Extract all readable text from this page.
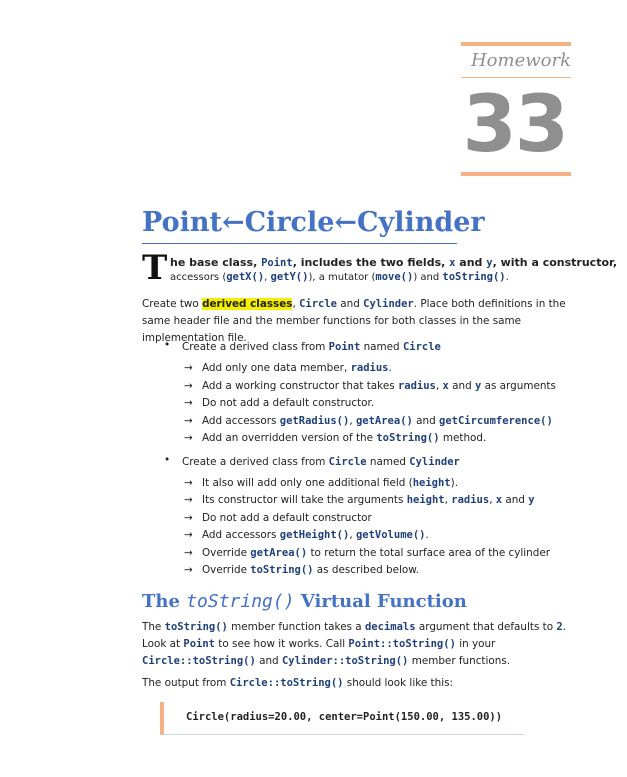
Homework
33
Point←Circle←Cylinder
T he base class, Point, includes the two fields, x and y, with a constructor,
accessors (getX(), getY()), a mutator (move()) and toString().
Create two derived classes, Circle and Cylinder. Place both definitions in the same header file and the member functions for both classes in the same implementation file.
• Create a derived class from Point named Circle
→ Add only one data member, radius.
→ Add a working constructor that takes radius, x and y as arguments
→ Do not add a default constructor.
→ Add accessors getRadius(), getArea() and getCircumference()
→ Add an overridden version of the toString() method.
• Create a derived class from Circle named Cylinder
→ It also will add only one additional field (height).
→ Its constructor will take the arguments height, radius, x and y
→ Do not add a default constructor
→ Add accessors getHeight(), getVolume().
→ Override getArea() to return the total surface area of the cylinder
→ Override toString() as described below.
The toString() Virtual Function
The toString() member function takes a decimals argument that defaults to 2. Look at Point to see how it works. Call Point::toString() in your Circle::toString() and Cylinder::toString() member functions.
The output from Circle::toString() should look like this:
Circle(radius=20.00, center=Point(150.00, 135.00))
